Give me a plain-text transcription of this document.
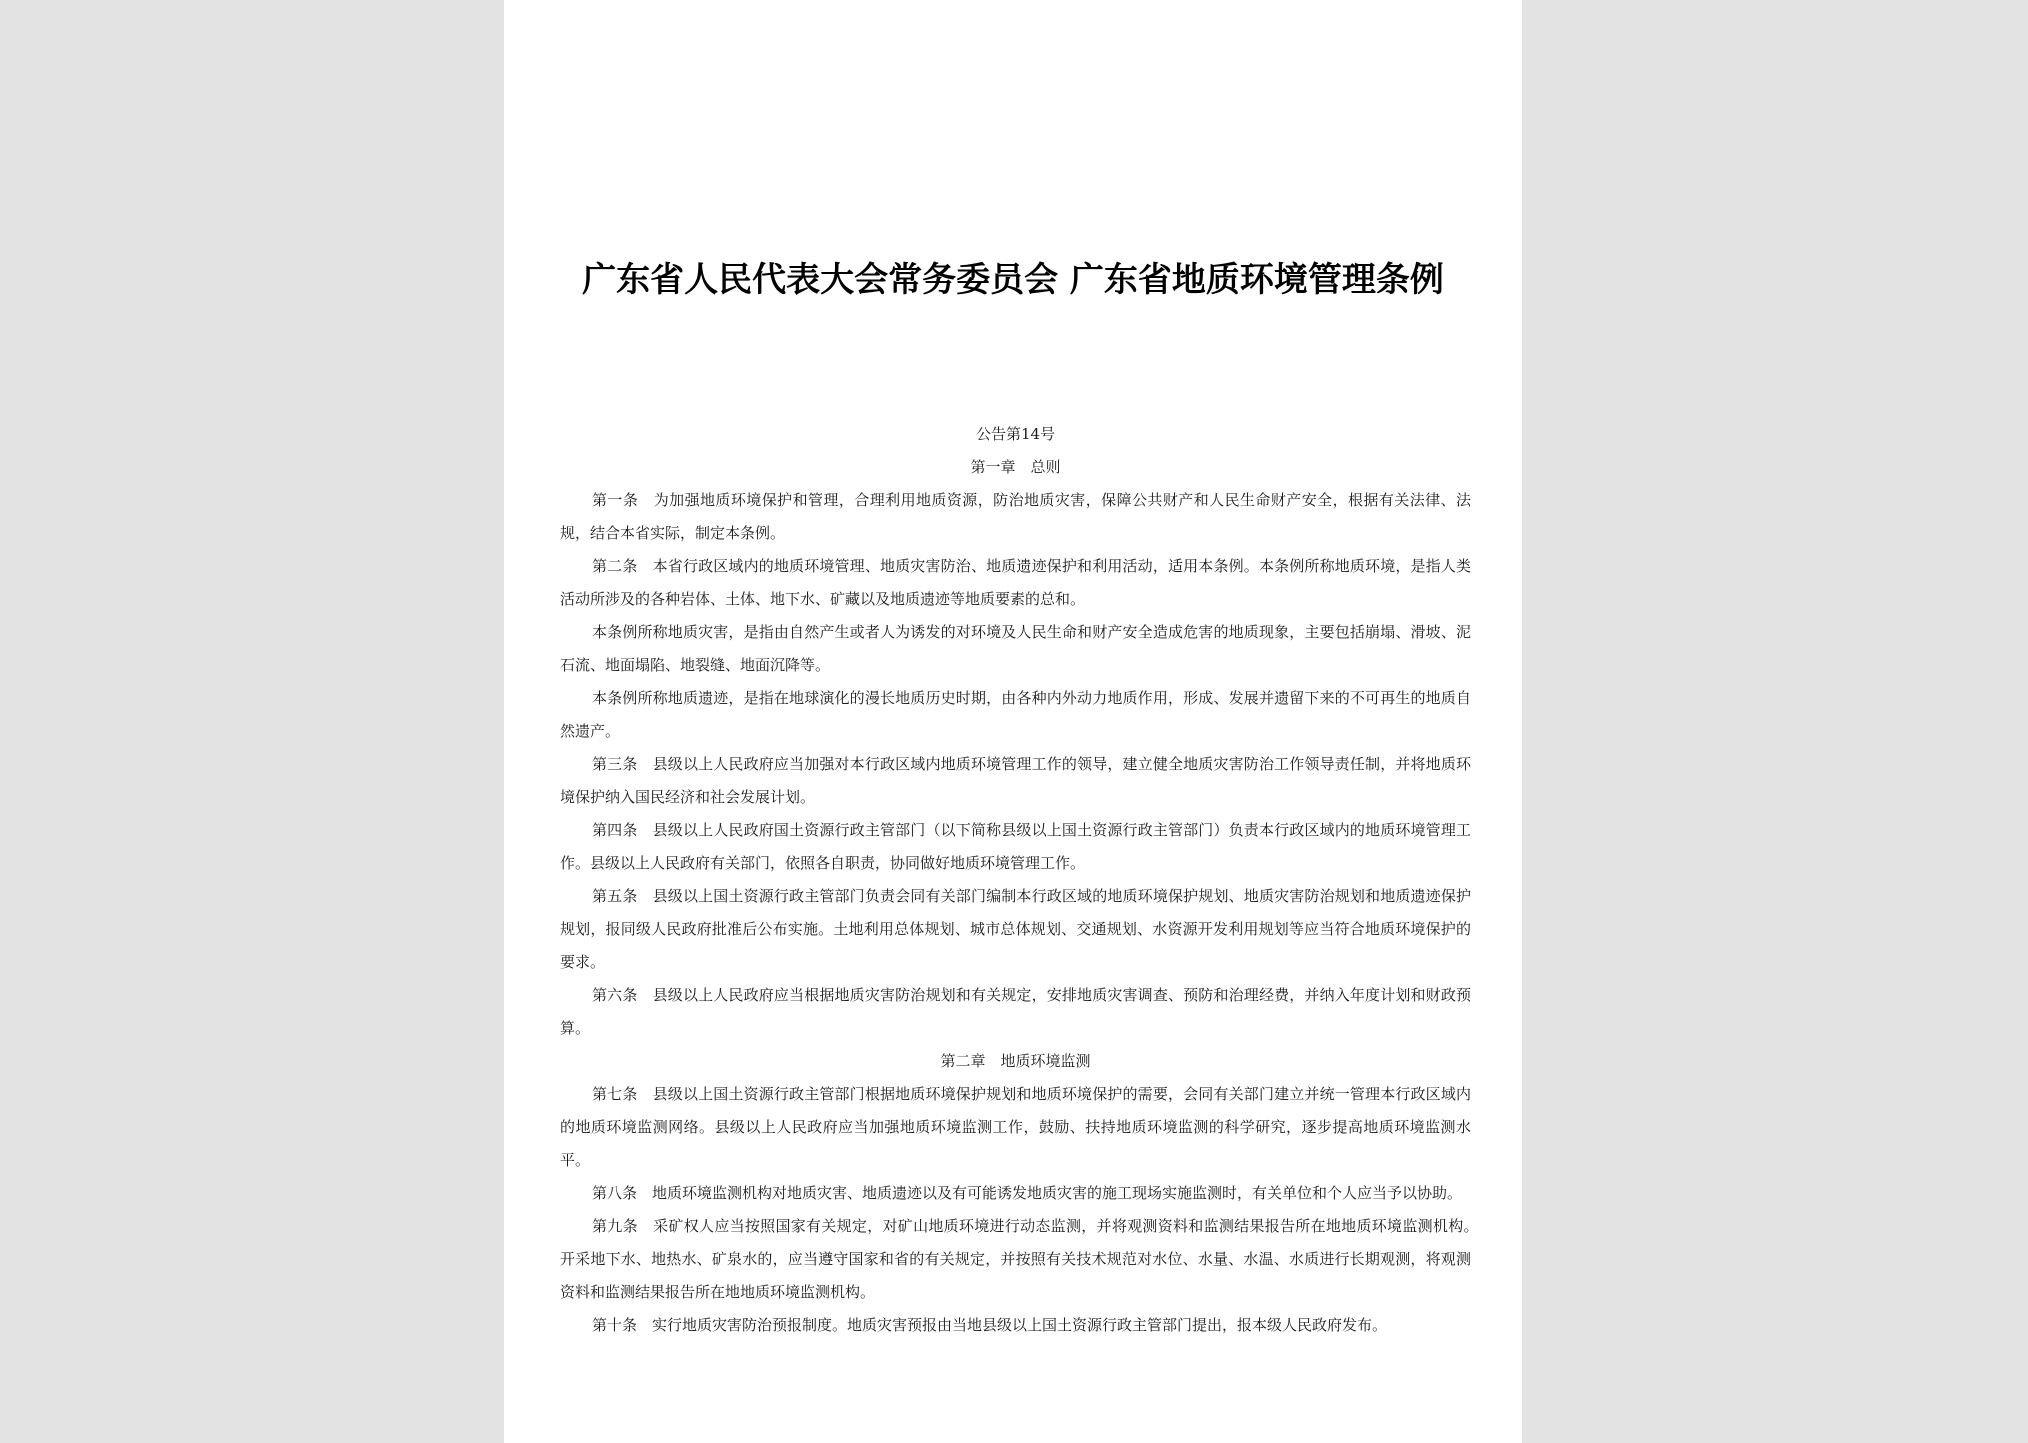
广东省人民代表大会常务委员会 广东省地质环境管理条例

公告第14号

第一章　总则

第一条　为加强地质环境保护和管理，合理利用地质资源，防治地质灾害，保障公共财产和人民生命财产安全，根据有关法律、法规，结合本省实际，制定本条例。

第二条　本省行政区域内的地质环境管理、地质灾害防治、地质遗迹保护和利用活动，适用本条例。本条例所称地质环境，是指人类活动所涉及的各种岩体、土体、地下水、矿藏以及地质遗迹等地质要素的总和。

本条例所称地质灾害，是指由自然产生或者人为诱发的对环境及人民生命和财产安全造成危害的地质现象，主要包括崩塌、滑坡、泥石流、地面塌陷、地裂缝、地面沉降等。

本条例所称地质遗迹，是指在地球演化的漫长地质历史时期，由各种内外动力地质作用，形成、发展并遗留下来的不可再生的地质自然遗产。

第三条　县级以上人民政府应当加强对本行政区域内地质环境管理工作的领导，建立健全地质灾害防治工作领导责任制，并将地质环境保护纳入国民经济和社会发展计划。

第四条　县级以上人民政府国土资源行政主管部门（以下简称县级以上国土资源行政主管部门）负责本行政区域内的地质环境管理工作。县级以上人民政府有关部门，依照各自职责，协同做好地质环境管理工作。

第五条　县级以上国土资源行政主管部门负责会同有关部门编制本行政区域的地质环境保护规划、地质灾害防治规划和地质遗迹保护规划，报同级人民政府批准后公布实施。土地利用总体规划、城市总体规划、交通规划、水资源开发利用规划等应当符合地质环境保护的要求。

第六条　县级以上人民政府应当根据地质灾害防治规划和有关规定，安排地质灾害调查、预防和治理经费，并纳入年度计划和财政预算。

第二章　地质环境监测

第七条　县级以上国土资源行政主管部门根据地质环境保护规划和地质环境保护的需要，会同有关部门建立并统一管理本行政区域内的地质环境监测网络。县级以上人民政府应当加强地质环境监测工作，鼓励、扶持地质环境监测的科学研究，逐步提高地质环境监测水平。

第八条　地质环境监测机构对地质灾害、地质遗迹以及有可能诱发地质灾害的施工现场实施监测时，有关单位和个人应当予以协助。

第九条　采矿权人应当按照国家有关规定，对矿山地质环境进行动态监测，并将观测资料和监测结果报告所在地地质环境监测机构。　　开采地下水、地热水、矿泉水的，应当遵守国家和省的有关规定，并按照有关技术规范对水位、水量、水温、水质进行长期观测，将观测资料和监测结果报告所在地地质环境监测机构。

第十条　实行地质灾害防治预报制度。地质灾害预报由当地县级以上国土资源行政主管部门提出，报本级人民政府发布。
